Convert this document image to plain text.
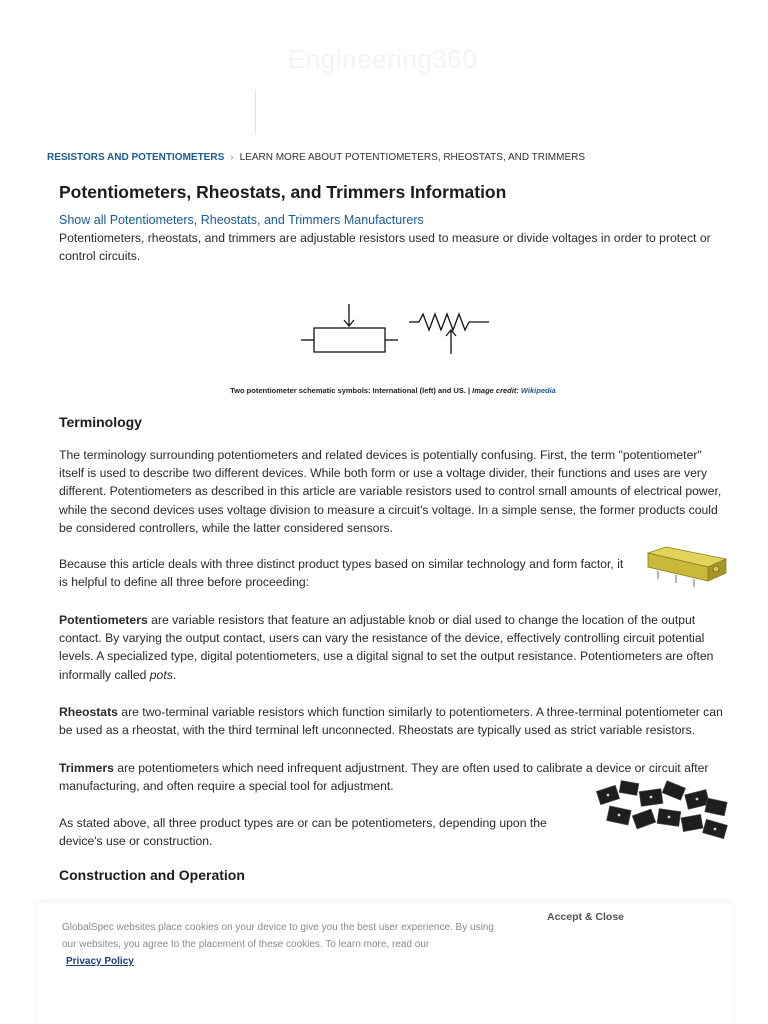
Engineering360
RESISTORS AND POTENTIOMETERS › LEARN MORE ABOUT POTENTIOMETERS, RHEOSTATS, AND TRIMMERS
Potentiometers, Rheostats, and Trimmers Information
Show all Potentiometers, Rheostats, and Trimmers Manufacturers

Potentiometers, rheostats, and trimmers are adjustable resistors used to measure or divide voltages in order to protect or control circuits.

Two potentiometer schematic symbols: International (left) and US. | Image credit: Wikipedia
Terminology

The terminology surrounding potentiometers and related devices is potentially confusing. First, the term "potentiometer" itself is used to describe two different devices. While both form or use a voltage divider, their functions and uses are very different. Potentiometers as described in this article are variable resistors used to control small amounts of electrical power, while the second devices uses voltage division to measure a circuit's voltage. In a simple sense, the former products could be considered controllers, while the latter considered sensors.

Because this article deals with three distinct product types based on similar technology and form factor, it is helpful to define all three before proceeding:

Potentiometers are variable resistors that feature an adjustable knob or dial used to change the location of the output contact. By varying the output contact, users can vary the resistance of the device, effectively controlling circuit potential levels. A specialized type, digital potentiometers, use a digital signal to set the output resistance. Potentiometers are often informally called pots.

Rheostats are two-terminal variable resistors which function similarly to potentiometers. A three-terminal potentiometer can be used as a rheostat, with the third terminal left unconnected. Rheostats are typically used as strict variable resistors.

Trimmers are potentiometers which need infrequent adjustment. They are often used to calibrate a device or circuit after manufacturing, and often require a special tool for adjustment.

As stated above, all three product types are or can be potentiometers, depending upon the device's use or construction.

Construction and Operation
GlobalSpec websites place cookies on your device to give you the best user experience. By using our websites, you agree to the placement of these cookies. To learn more, read our
Privacy Policy
Accept & Close
